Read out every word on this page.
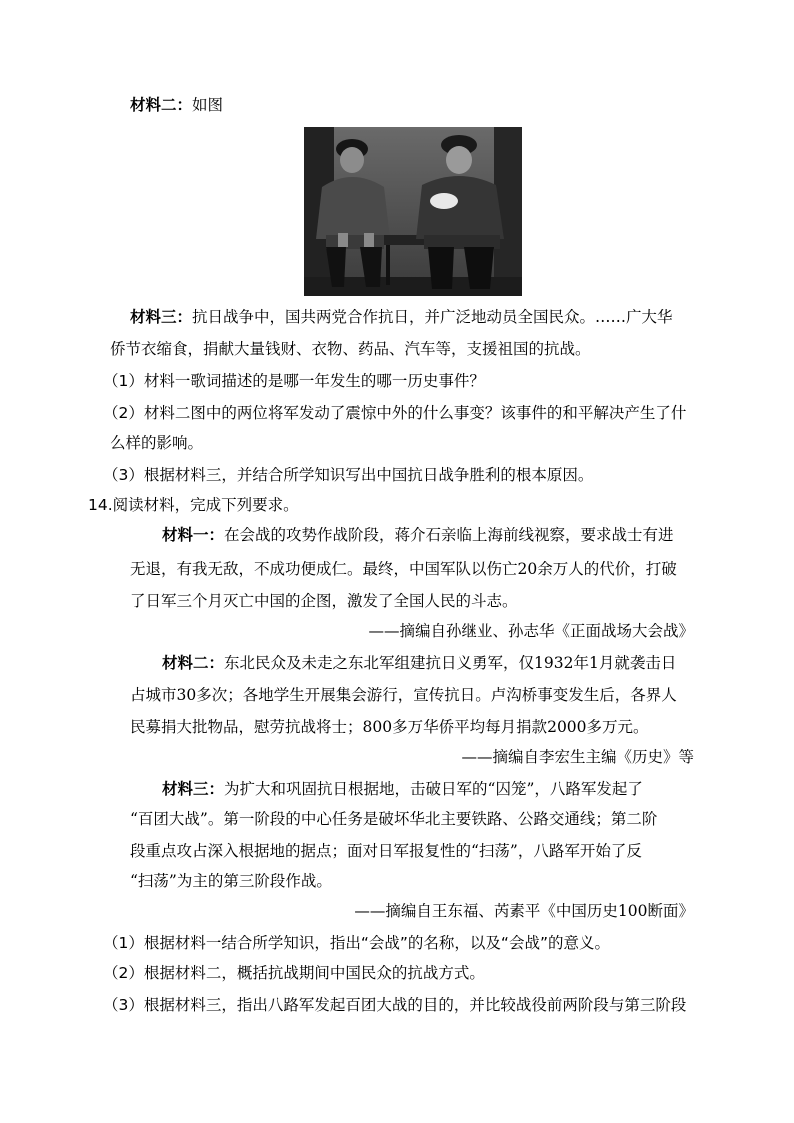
材料二：如图
材料三：抗日战争中，国共两党合作抗日，并广泛地动员全国民众。……广大华
侨节衣缩食，捐献大量钱财、衣物、药品、汽车等，支援祖国的抗战。
（1）材料一歌词描述的是哪一年发生的哪一历史事件？
（2）材料二图中的两位将军发动了震惊中外的什么事变？该事件的和平解决产生了什
么样的影响。
（3）根据材料三，并结合所学知识写出中国抗日战争胜利的根本原因。
14.阅读材料，完成下列要求。
材料一：在会战的攻势作战阶段，蒋介石亲临上海前线视察，要求战士有进
无退，有我无敌，不成功便成仁。最终，中国军队以伤亡20余万人的代价，打破
了日军三个月灭亡中国的企图，激发了全国人民的斗志。
——摘编自孙继业、孙志华《正面战场大会战》
材料二：东北民众及未走之东北军组建抗日义勇军，仅1932年1月就袭击日
占城市30多次；各地学生开展集会游行，宣传抗日。卢沟桥事变发生后，各界人
民募捐大批物品，慰劳抗战将士；800多万华侨平均每月捐款2000多万元。
——摘编自李宏生主编《历史》等
材料三：为扩大和巩固抗日根据地，击破日军的“囚笼”，八路军发起了
“百团大战”。第一阶段的中心任务是破坏华北主要铁路、公路交通线；第二阶
段重点攻占深入根据地的据点；面对日军报复性的“扫荡”，八路军开始了反
“扫荡”为主的第三阶段作战。
——摘编自王东福、芮素平《中国历史100断面》
（1）根据材料一结合所学知识，指出“会战”的名称，以及“会战”的意义。
（2）根据材料二，概括抗战期间中国民众的抗战方式。
（3）根据材料三，指出八路军发起百团大战的目的，并比较战役前两阶段与第三阶段
